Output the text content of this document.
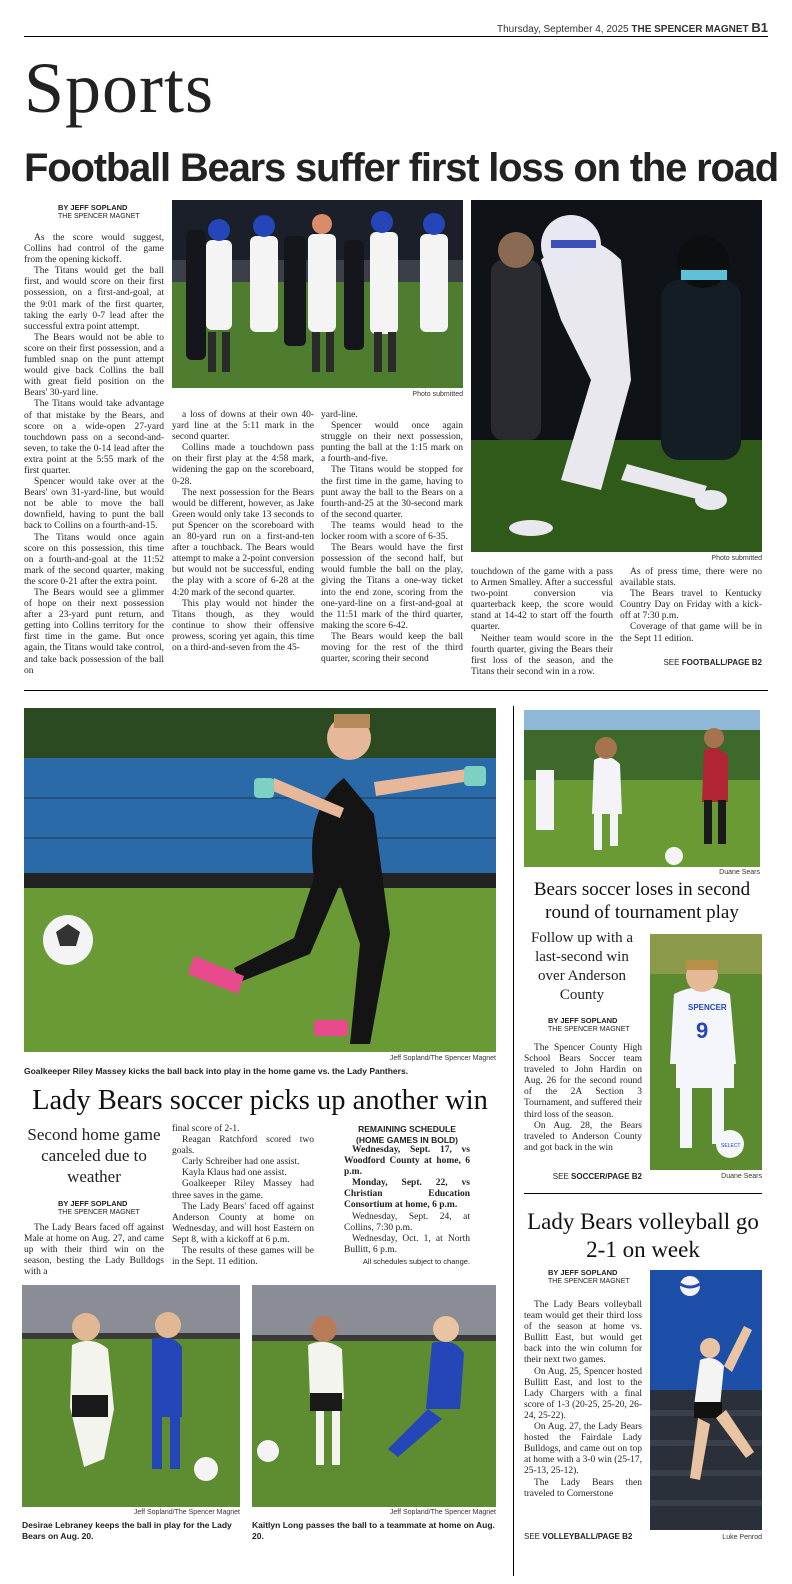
Thursday, September 4, 2025 THE SPENCER MAGNET B1
Sports
Football Bears suffer first loss on the road
BY JEFF SOPLAND
THE SPENCER MAGNET
Photo submitted
Photo submitted

As the score would suggest, Collins had control of the game from the opening kickoff.

The Titans would get the ball first, and would score on their first possession, on a first-and-goal, at the 9:01 mark of the first quarter, taking the early 0-7 lead after the successful extra point attempt.

The Bears would not be able to score on their first possession, and a fumbled snap on the punt attempt would give back Collins the ball with great field position on the Bears' 30-yard line.

The Titans would take advantage of that mistake by the Bears, and score on a wide-open 27-yard touchdown pass on a second-and-seven, to take the 0-14 lead after the extra point at the 5:55 mark of the first quarter.

Spencer would take over at the Bears' own 31-yard-line, but would not be able to move the ball downfield, having to punt the ball back to Collins on a fourth-and-15.

The Titans would once again score on this possession, this time on a fourth-and-goal at the 11:52 mark of the second quarter, making the score 0-21 after the extra point.

The Bears would see a glimmer of hope on their next possession after a 23-yard punt return, and getting into Collins territory for the first time in the game. But once again, the Titans would take control, and take back possession of the ball on

a loss of downs at their own 40-yard line at the 5:11 mark in the second quarter.

Collins made a touchdown pass on their first play at the 4:58 mark, widening the gap on the scoreboard, 0-28.

The next possession for the Bears would be different, however, as Jake Green would only take 13 seconds to put Spencer on the scoreboard with an 80-yard run on a first-and-ten after a touchback. The Bears would attempt to make a 2-point conversion but would not be successful, ending the play with a score of 6-28 at the 4:20 mark of the second quarter.

This play would not hinder the Titans though, as they would continue to show their offensive prowess, scoring yet again, this time on a third-and-seven from the 45-

yard-line.

Spencer would once again struggle on their next possession, punting the ball at the 1:15 mark on a fourth-and-five.

The Titans would be stopped for the first time in the game, having to punt away the ball to the Bears on a fourth-and-25 at the 30-second mark of the second quarter.

The teams would head to the locker room with a score of 6-35.

The Bears would have the first possession of the second half, but would fumble the ball on the play, giving the Titans a one-way ticket into the end zone, scoring from the one-yard-line on a first-and-goal at the 11:51 mark of the third quarter, making the score 6-42.

The Bears would keep the ball moving for the rest of the third quarter, scoring their second

touchdown of the game with a pass to Armen Smalley. After a successful two-point conversion via quarterback keep, the score would stand at 14-42 to start off the fourth quarter.

Neither team would score in the fourth quarter, giving the Bears their first loss of the season, and the Titans their second win in a row.

As of press time, there were no available stats.

The Bears travel to Kentucky Country Day on Friday with a kick-off at 7:30 p.m.

Coverage of that game will be in the Sept 11 edition.

SEE FOOTBALL/PAGE B2
Jeff Sopland/The Spencer Magnet
Goalkeeper Riley Massey kicks the ball back into play in the home game vs. the Lady Panthers.
Lady Bears soccer picks up another win
Second home game canceled due to weather
BY JEFF SOPLAND
THE SPENCER MAGNET

The Lady Bears faced off against Male at home on Aug. 27, and came up with their third win on the season, besting the Lady Bulldogs with a

final score of 2-1.

Reagan Ratchford scored two goals.

Carly Schreiber had one assist.

Kayla Klaus had one assist.

Goalkeeper Riley Massey had three saves in the game.

The Lady Bears' faced off against Anderson County at home on Wednesday, and will host Eastern on Sept 8, with a kickoff at 6 p.m.

The results of these games will be in the Sept. 11 edition.

REMAINING SCHEDULE (HOME GAMES IN BOLD)

Wednesday, Sept. 17, vs Woodford County at home, 6 p.m.

Monday, Sept. 22, vs Christian Education Consortium at home, 6 p.m.

Wednesday, Sept. 24, at Collins, 7:30 p.m.

Wednesday, Oct. 1, at North Bullitt, 6 p.m.

All schedules subject to change.
Jeff Sopland/The Spencer Magnet
Desirae Lebraney keeps the ball in play for the Lady Bears on Aug. 20.
Jeff Sopland/The Spencer Magnet
Kaitlyn Long passes the ball to a teammate at home on Aug. 20.
Duane Sears
Bears soccer loses in second round of tournament play
Follow up with a last-second win over Anderson County
BY JEFF SOPLAND
THE SPENCER MAGNET

The Spencer County High School Bears Soccer team traveled to John Hardin on Aug. 26 for the second round of the 2A Section 3 Tournament, and suffered their third loss of the season.

On Aug. 28, the Bears traveled to Anderson County and got back in the win

SPENCER
9
SELECT
Duane Sears
SEE SOCCER/PAGE B2
Lady Bears volleyball go 2-1 on week
BY JEFF SOPLAND
THE SPENCER MAGNET

The Lady Bears volleyball team would get their third loss of the season at home vs. Bullitt East, but would get back into the win column for their next two games.

On Aug. 25, Spencer hosted Bullitt East, and lost to the Lady Chargers with a final score of 1-3 (20-25, 25-20, 26-24, 25-22).

On Aug. 27, the Lady Bears hosted the Fairdale Lady Bulldogs, and came out on top at home with a 3-0 win (25-17, 25-13, 25-12).

The Lady Bears then traveled to Cornerstone

Luke Penrod
SEE VOLLEYBALL/PAGE B2
